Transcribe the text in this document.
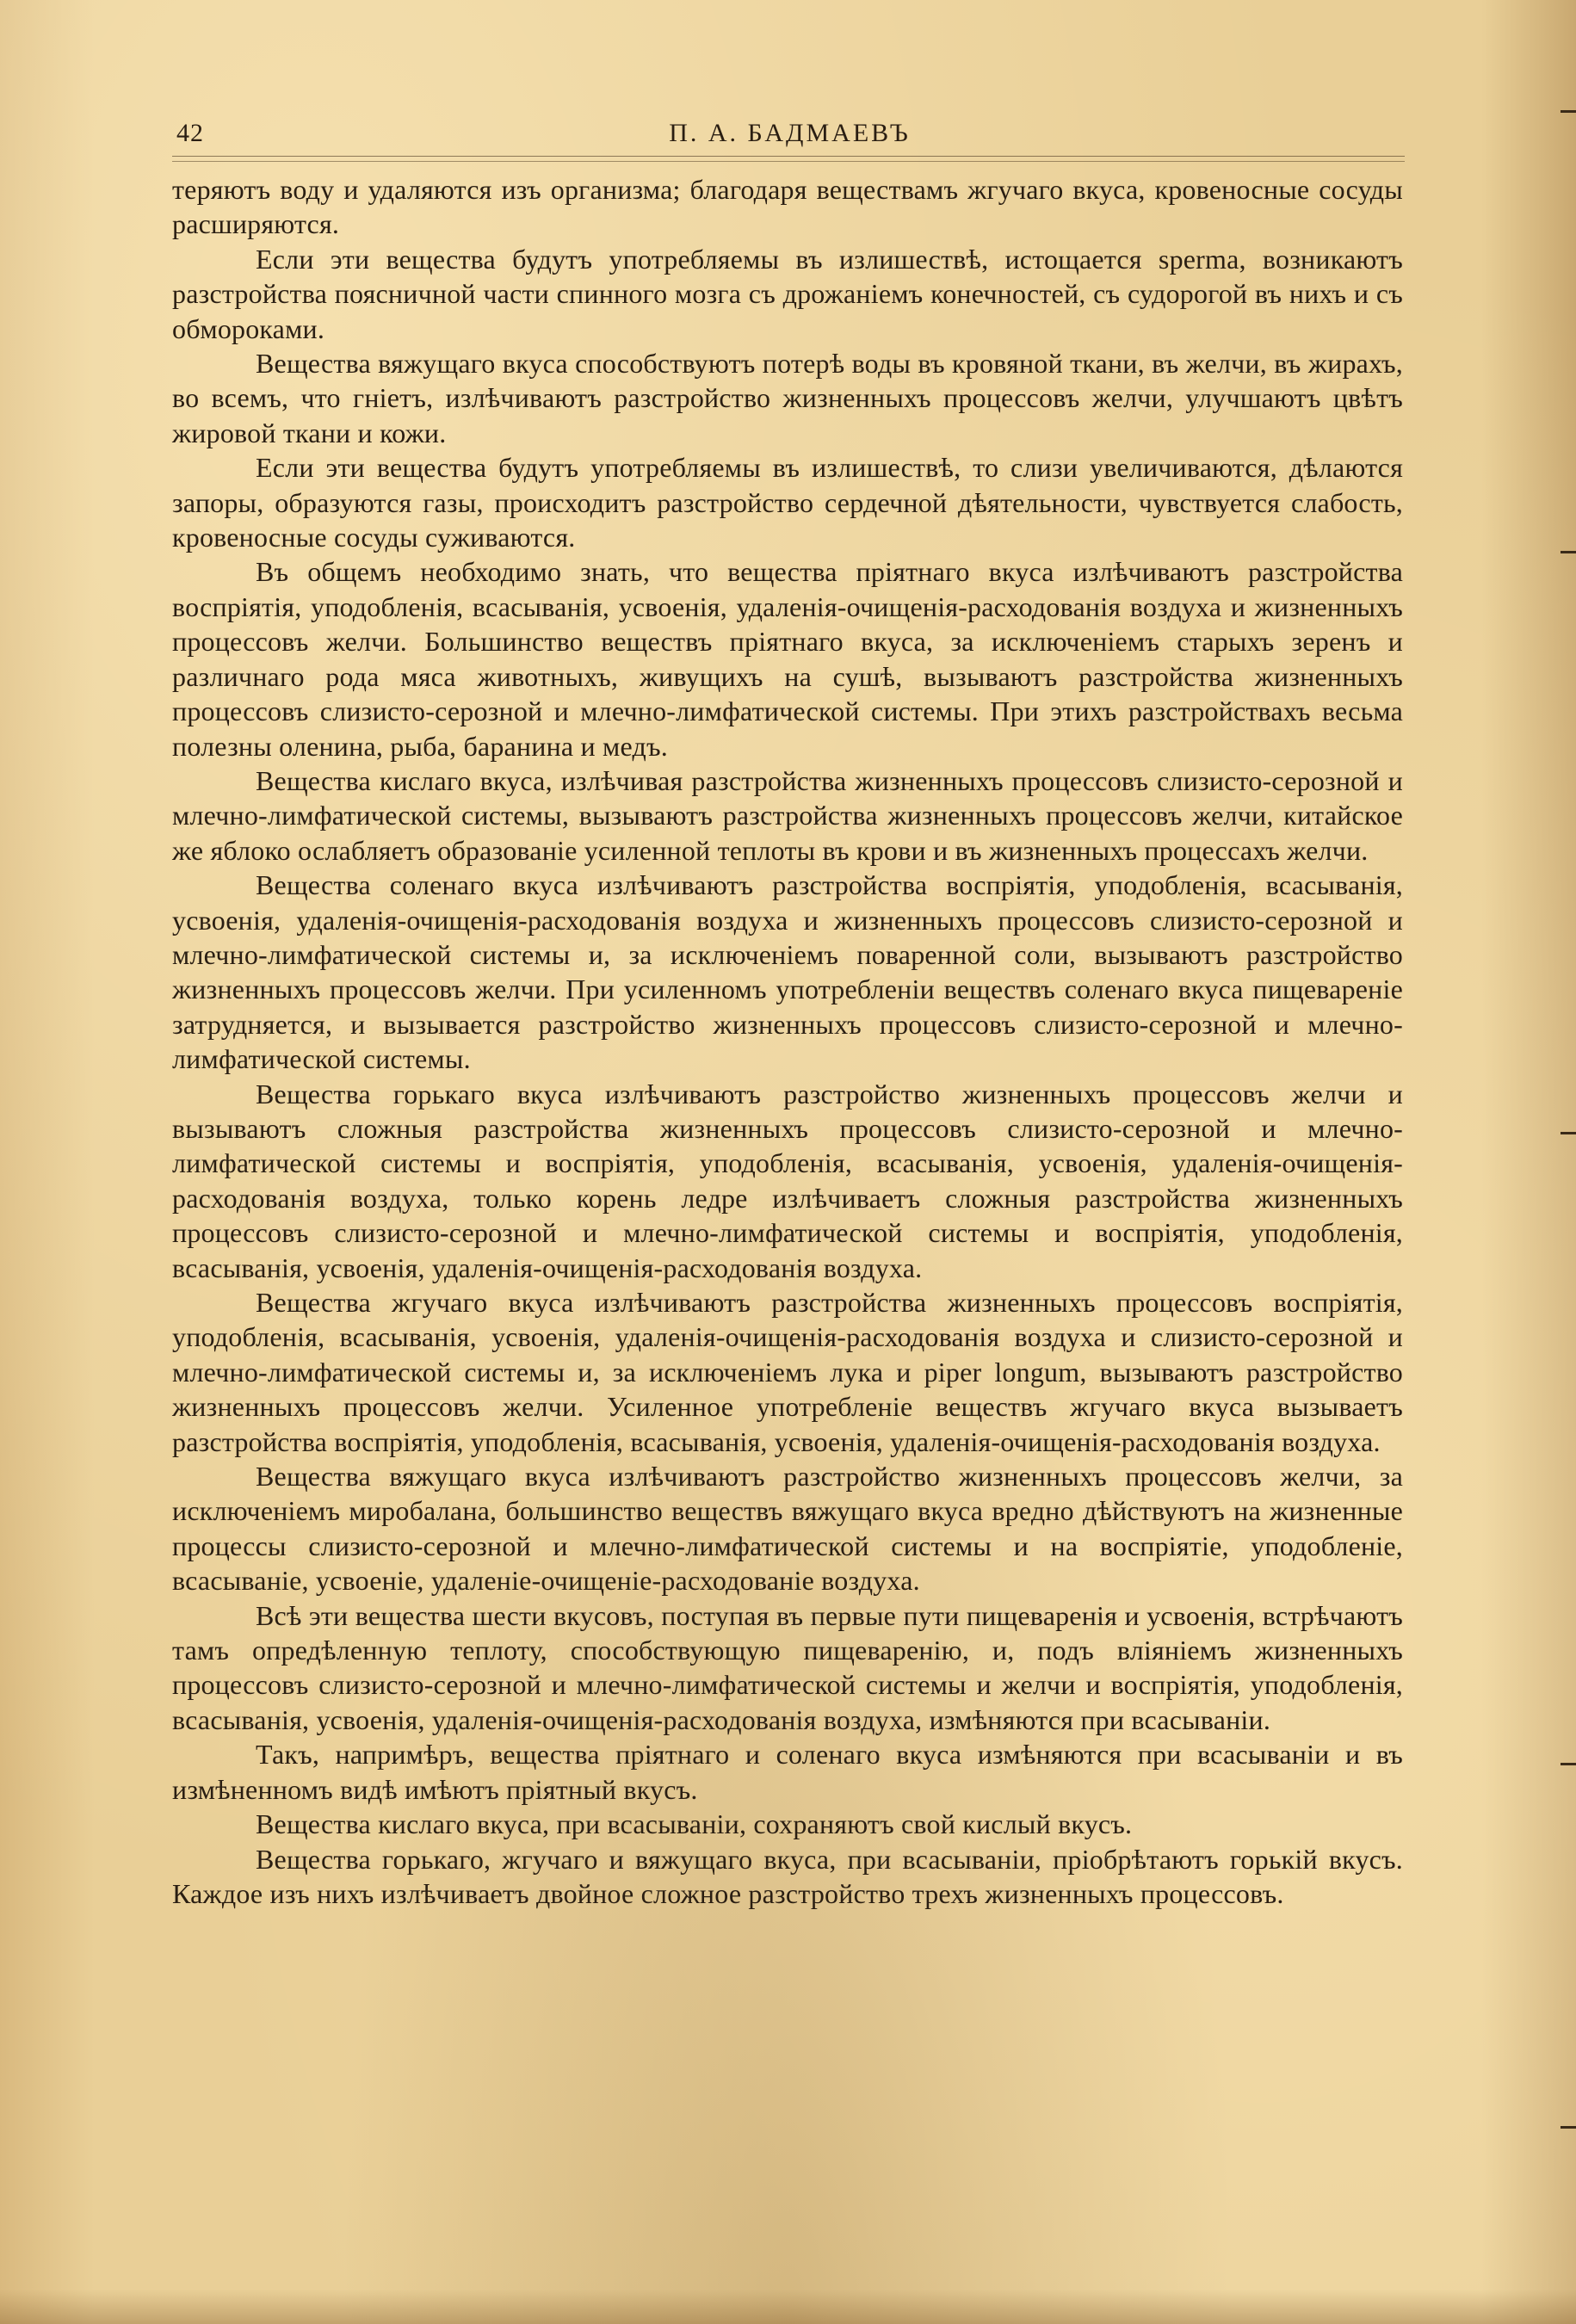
42	П. А. БАДМАЕВЪ

теряютъ воду и удаляются изъ организма; благодаря веществамъ жгучаго вкуса, кровеносные сосуды расширяются.

Если эти вещества будутъ употребляемы въ излишествѣ, истощается sperma, возникаютъ разстройства поясничной части спинного мозга съ дрожаніемъ конечностей, съ судорогой въ нихъ и съ обмороками.

Вещества вяжущаго вкуса способствуютъ потерѣ воды въ кровяной ткани, въ желчи, въ жирахъ, во всемъ, что гніетъ, излѣчиваютъ разстройство жизненныхъ процессовъ желчи, улучшаютъ цвѣтъ жировой ткани и кожи.

Если эти вещества будутъ употребляемы въ излишествѣ, то слизи увеличиваются, дѣлаются запоры, образуются газы, происходитъ разстройство сердечной дѣятельности, чувствуется слабость, кровеносные сосуды суживаются.

Въ общемъ необходимо знать, что вещества пріятнаго вкуса излѣчиваютъ разстройства воспріятія, уподобленія, всасыванія, усвоенія, удаленія-очищенія-расходованія воздуха и жизненныхъ процессовъ желчи. Большинство веществъ пріятнаго вкуса, за исключеніемъ старыхъ зеренъ и различнаго рода мяса животныхъ, живущихъ на сушѣ, вызываютъ разстройства жизненныхъ процессовъ слизисто-серозной и млечно-лимфатической системы. При этихъ разстройствахъ весьма полезны оленина, рыба, баранина и медъ.

Вещества кислаго вкуса, излѣчивая разстройства жизненныхъ процессовъ слизисто-серозной и млечно-лимфатической системы, вызываютъ разстройства жизненныхъ процессовъ желчи, китайское же яблоко ослабляетъ образованіе усиленной теплоты въ крови и въ жизненныхъ процессахъ желчи.

Вещества соленаго вкуса излѣчиваютъ разстройства воспріятія, уподобленія, всасыванія, усвоенія, удаленія-очищенія-расходованія воздуха и жизненныхъ процессовъ слизисто-серозной и млечно-лимфатической системы и, за исключеніемъ поваренной соли, вызываютъ разстройство жизненныхъ процессовъ желчи. При усиленномъ употребленіи веществъ соленаго вкуса пищевареніе затрудняется, и вызывается разстройство жизненныхъ процессовъ слизисто-серозной и млечно-лимфатической системы.

Вещества горькаго вкуса излѣчиваютъ разстройство жизненныхъ процессовъ желчи и вызываютъ сложныя разстройства жизненныхъ процессовъ слизисто-серозной и млечно-лимфатической системы и воспріятія, уподобленія, всасыванія, усвоенія, удаленія-очищенія-расходованія воздуха, только корень ледре излѣчиваетъ сложныя разстройства жизненныхъ процессовъ слизисто-серозной и млечно-лимфатической системы и воспріятія, уподобленія, всасыванія, усвоенія, удаленія-очищенія-расходованія воздуха.

Вещества жгучаго вкуса излѣчиваютъ разстройства жизненныхъ процессовъ воспріятія, уподобленія, всасыванія, усвоенія, удаленія-очищенія-расходованія воздуха и слизисто-серозной и млечно-лимфатической системы и, за исключеніемъ лука и piper longum, вызываютъ разстройство жизненныхъ процессовъ желчи. Усиленное употребленіе веществъ жгучаго вкуса вызываетъ разстройства воспріятія, уподобленія, всасыванія, усвоенія, удаленія-очищенія-расходованія воздуха.

Вещества вяжущаго вкуса излѣчиваютъ разстройство жизненныхъ процессовъ желчи, за исключеніемъ миробалана, большинство веществъ вяжущаго вкуса вредно дѣйствуютъ на жизненные процессы слизисто-серозной и млечно-лимфатической системы и на воспріятіе, уподобленіе, всасываніе, усвоеніе, удаленіе-очищеніе-расходованіе воздуха.

Всѣ эти вещества шести вкусовъ, поступая въ первые пути пищеваренія и усвоенія, встрѣчаютъ тамъ опредѣленную теплоту, способствующую пищеваренію, и, подъ вліяніемъ жизненныхъ процессовъ слизисто-серозной и млечно-лимфатической системы и желчи и воспріятія, уподобленія, всасыванія, усвоенія, удаленія-очищенія-расходованія воздуха, измѣняются при всасываніи.

Такъ, напримѣръ, вещества пріятнаго и соленаго вкуса измѣняются при всасываніи и въ измѣненномъ видѣ имѣютъ пріятный вкусъ.

Вещества кислаго вкуса, при всасываніи, сохраняютъ свой кислый вкусъ.

Вещества горькаго, жгучаго и вяжущаго вкуса, при всасываніи, пріобрѣтаютъ горькій вкусъ. Каждое изъ нихъ излѣчиваетъ двойное сложное разстройство трехъ жизненныхъ процессовъ.
